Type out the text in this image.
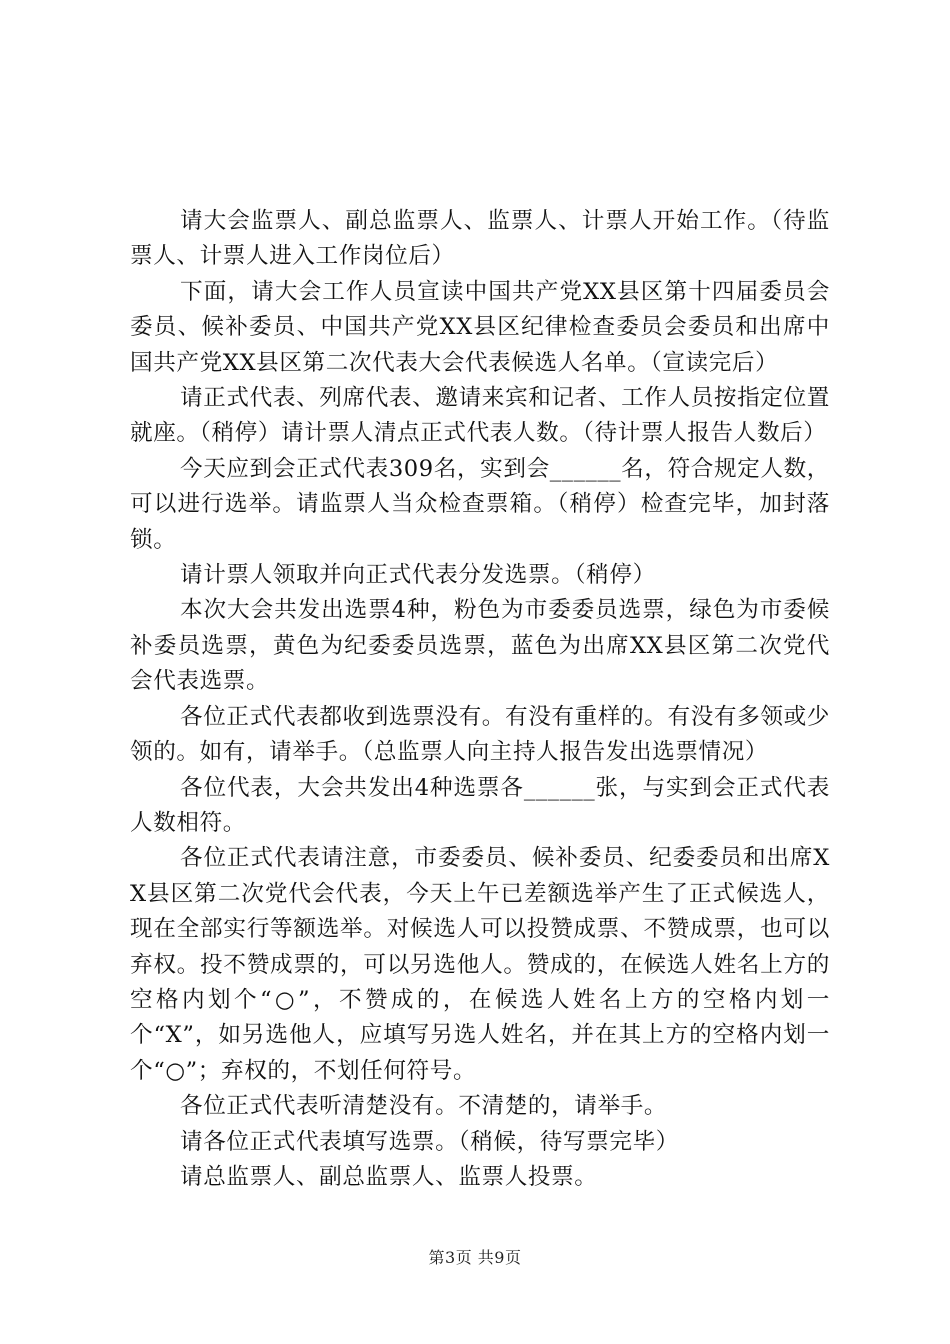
请大会监票人、副总监票人、监票人、计票人开始工作。（待监票人、计票人进入工作岗位后）

下面，请大会工作人员宣读中国共产党XX县区第十四届委员会委员、候补委员、中国共产党XX县区纪律检查委员会委员和出席中国共产党XX县区第二次代表大会代表候选人名单。（宣读完后）

请正式代表、列席代表、邀请来宾和记者、工作人员按指定位置就座。（稍停）请计票人清点正式代表人数。（待计票人报告人数后）

今天应到会正式代表309名，实到会______名，符合规定人数，可以进行选举。请监票人当众检查票箱。（稍停）检查完毕，加封落锁。

请计票人领取并向正式代表分发选票。（稍停）

本次大会共发出选票4种，粉色为市委委员选票，绿色为市委候补委员选票，黄色为纪委委员选票，蓝色为出席XX县区第二次党代会代表选票。

各位正式代表都收到选票没有。有没有重样的。有没有多领或少领的。如有，请举手。（总监票人向主持人报告发出选票情况）

各位代表，大会共发出4种选票各______张，与实到会正式代表人数相符。

各位正式代表请注意，市委委员、候补委员、纪委委员和出席XX县区第二次党代会代表，今天上午已差额选举产生了正式候选人，现在全部实行等额选举。对候选人可以投赞成票、不赞成票，也可以弃权。投不赞成票的，可以另选他人。赞成的，在候选人姓名上方的空格内划个“○”，不赞成的，在候选人姓名上方的空格内划一个“X”，如另选他人，应填写另选人姓名，并在其上方的空格内划一个“○”；弃权的，不划任何符号。

各位正式代表听清楚没有。不清楚的，请举手。

请各位正式代表填写选票。（稍候，待写票完毕）

请总监票人、副总监票人、监票人投票。

第3页 共9页
